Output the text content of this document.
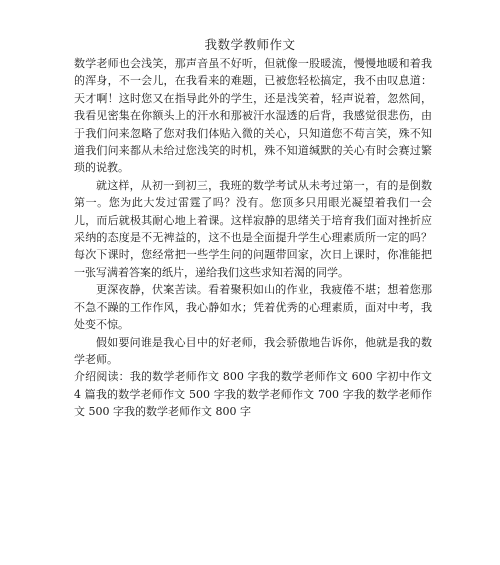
我数学教师作文

数学老师也会浅笑，那声音虽不好听，但就像一股暖流，慢慢地暖和着我的浑身，不一会儿，在我看来的难题，已被您轻松搞定，我不由叹息道：天才啊！这时您又在指导此外的学生，还是浅笑着，轻声说着，忽然间，我看见密集在你额头上的汗水和那被汗水湿透的后背，我感觉很悲伤，由于我们问来忽略了您对我们体贴入微的关心，只知道您不苟言笑，殊不知道我们问来都从未给过您浅笑的时机，殊不知道缄默的关心有时会赛过繁琐的说教。

就这样，从初一到初三，我班的数学考试从未考过第一，有的是倒数第一。您为此大发过雷霆了吗？没有。您顶多只用眼光凝望着我们一会儿，而后就极其耐心地上着课。这样寂静的思绪关于培育我们面对挫折应采纳的态度是不无裨益的，这不也是全面提升学生心理素质所一定的吗？每次下课时，您经常把一些学生问的问题带回家，次日上课时，你准能把一张写满着答案的纸片，递给我们这些求知若渴的同学。

更深夜静，伏案苦读。看着聚积如山的作业，我疲倦不堪；想着您那不急不躁的工作作风，我心静如水；凭着优秀的心理素质，面对中考，我处变不惊。

假如要问谁是我心目中的好老师，我会骄傲地告诉你，他就是我的数学老师。

介绍阅读：我的数学老师作文 800 字我的数学老师作文 600 字初中作文 4 篇我的数学老师作文 500 字我的数学老师作文 700 字我的数学老师作文 500 字我的数学老师作文 800 字
